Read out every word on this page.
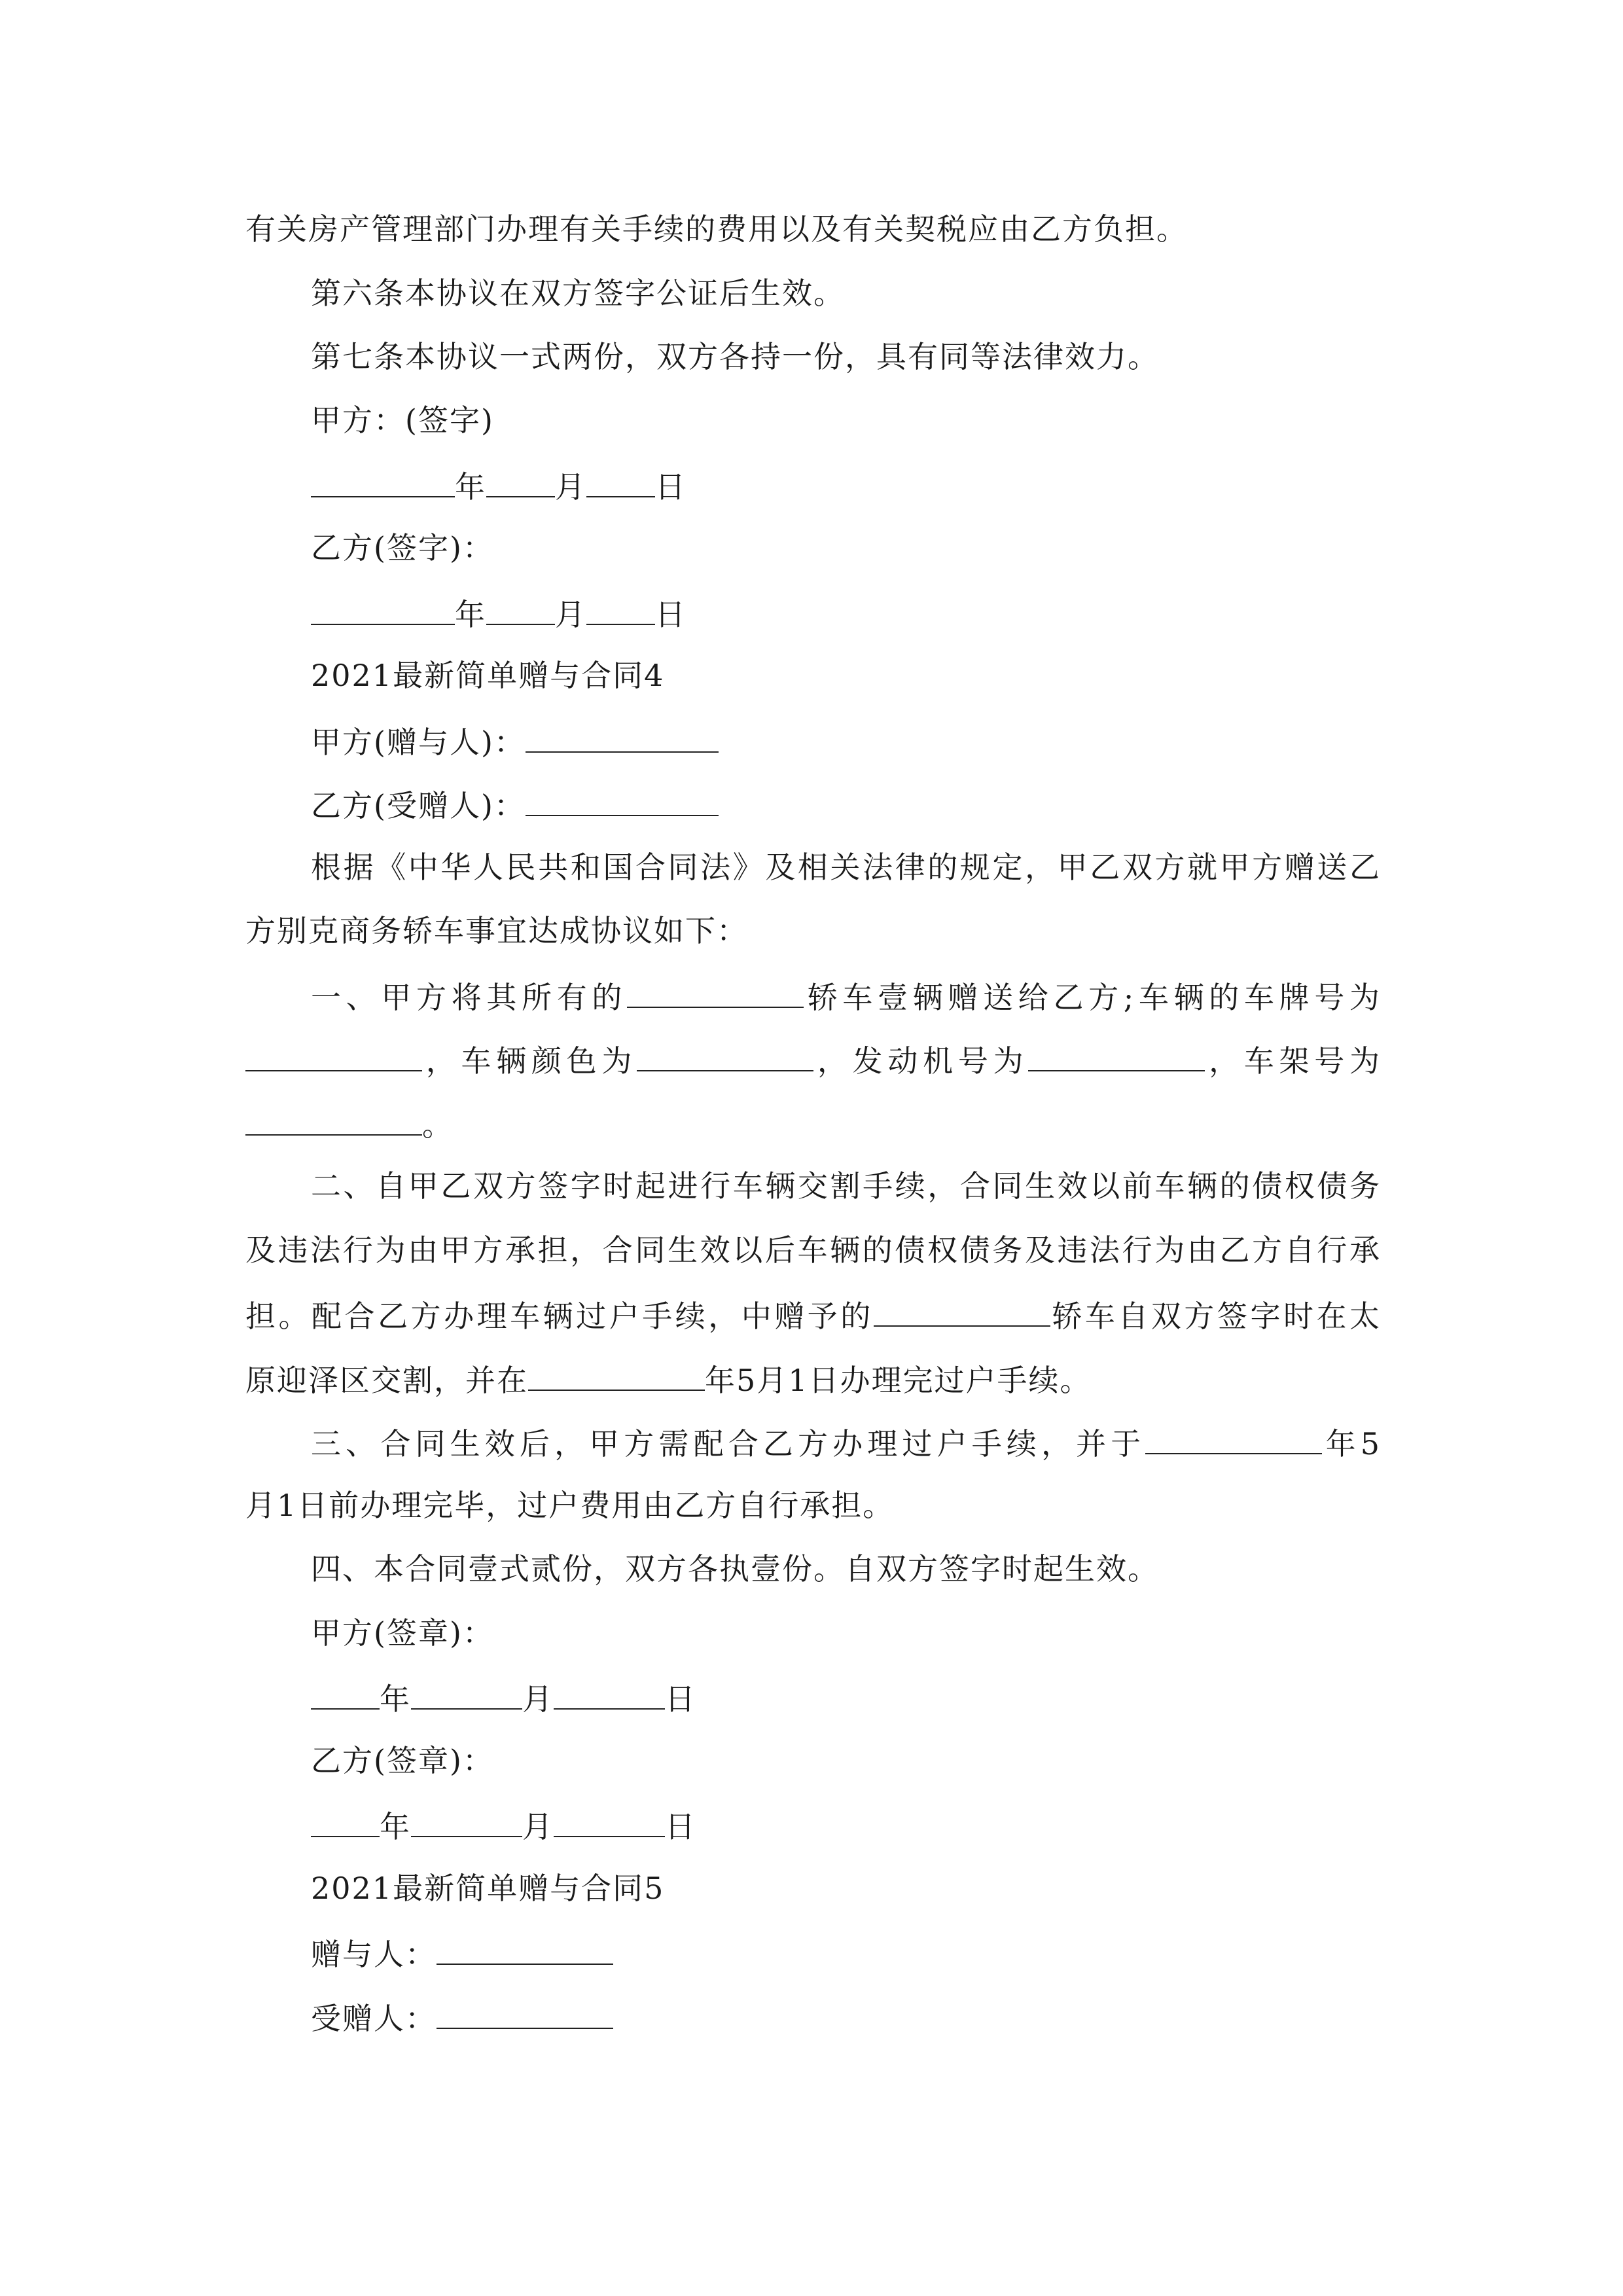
有关房产管理部门办理有关手续的费用以及有关契税应由乙方负担。
第六条本协议在双方签字公证后生效。
第七条本协议一式两份，双方各持一份，具有同等法律效力。
甲方：(签字)
年 月 日
乙方(签字)：
年 月 日
2021最新简单赠与合同4
甲方(赠与人)：
乙方(受赠人)：
根据《中华人民共和国合同法》及相关法律的规定，甲乙双方就甲方赠送乙
方别克商务轿车事宜达成协议如下：
一、甲方将其所有的	轿车壹辆赠送给乙方;车辆的车牌号为
，车辆颜色为	，发动机号为	，车架号为
。
二、自甲乙双方签字时起进行车辆交割手续，合同生效以前车辆的债权债务
及违法行为由甲方承担，合同生效以后车辆的债权债务及违法行为由乙方自行承
担。配合乙方办理车辆过户手续，中赠予的	轿车自双方签字时在太
原迎泽区交割，并在	年5月1日办理完过户手续。
三、合同生效后，甲方需配合乙方办理过户手续，并于	年5
月1日前办理完毕，过户费用由乙方自行承担。
四、本合同壹式贰份，双方各执壹份。自双方签字时起生效。
甲方(签章)：
年	月	日
乙方(签章)：
年	月	日
2021最新简单赠与合同5
赠与人：
受赠人：
